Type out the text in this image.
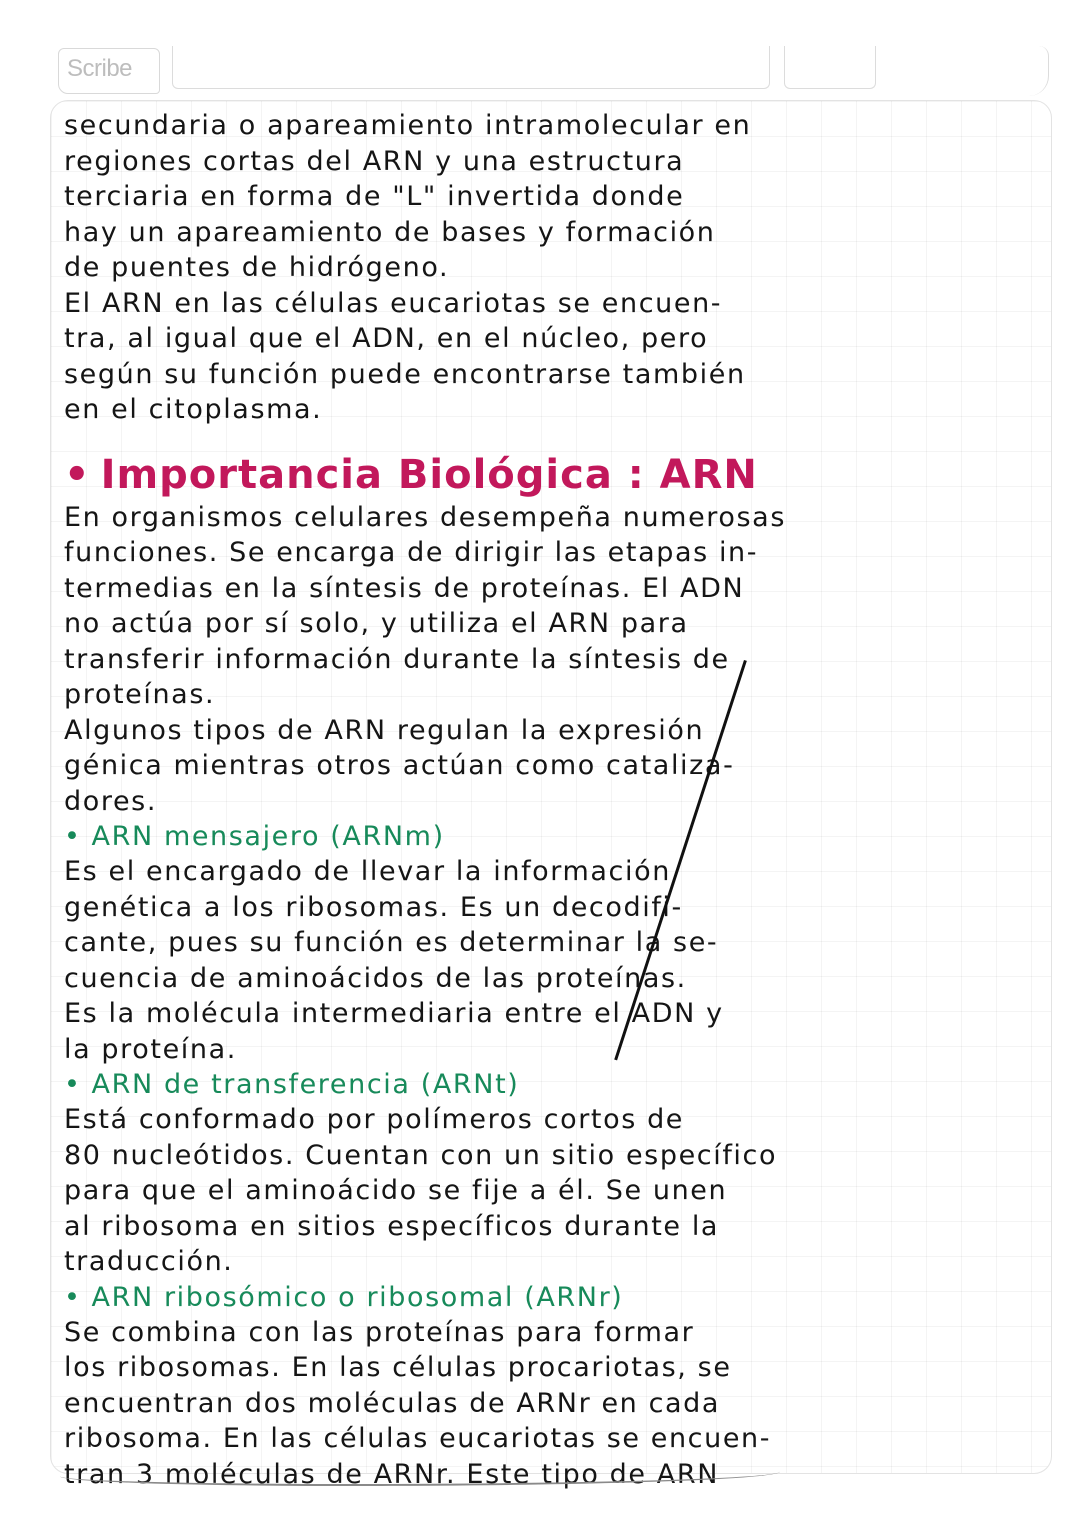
Scribe
secundaria o apareamiento intramolecular en
regiones cortas del ARN y una estructura
terciaria en forma de "L" invertida donde
hay un apareamiento de bases y formación
de puentes de hidrógeno.
El ARN en las células eucariotas se encuen-
tra, al igual que el ADN, en el núcleo, pero
según su función puede encontrarse también
en el citoplasma.
• Importancia Biológica : ARN
En organismos celulares desempeña numerosas
funciones. Se encarga de dirigir las etapas in-
termedias en la síntesis de proteínas. El ADN
no actúa por sí solo, y utiliza el ARN para
transferir información durante la síntesis de
proteínas.
Algunos tipos de ARN regulan la expresión
génica mientras otros actúan como cataliza-
dores.
• ARN mensajero (ARNm)
Es el encargado de llevar la información
genética a los ribosomas. Es un decodifi-
cante, pues su función es determinar la se-
cuencia de aminoácidos de las proteínas.
Es la molécula intermediaria entre el ADN y
la proteína.
• ARN de transferencia (ARNt)
Está conformado por polímeros cortos de
80 nucleótidos. Cuentan con un sitio específico
para que el aminoácido se fije a él. Se unen
al ribosoma en sitios específicos durante la
traducción.
• ARN ribosómico o ribosomal (ARNr)
Se combina con las proteínas para formar
los ribosomas. En las células procariotas, se
encuentran dos moléculas de ARNr en cada
ribosoma. En las células eucariotas se encuen-
tran 3 moléculas de ARNr. Este tipo de ARN
